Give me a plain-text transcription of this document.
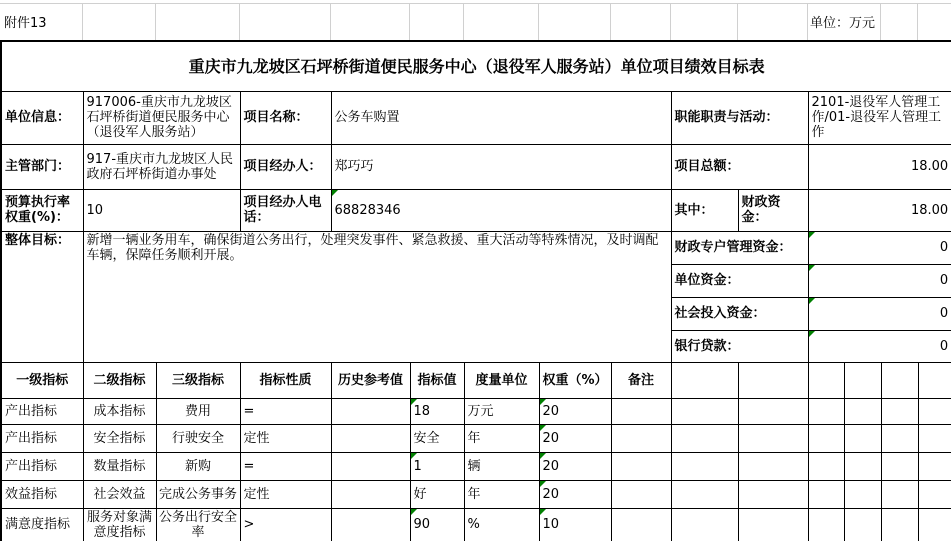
附件13	单位：万元
重庆市九龙坡区石坪桥街道便民服务中心（退役军人服务站）单位项目绩效目标表														
单位信息：	917006-重庆市九龙坡区石坪桥街道便民服务中心（退役军人服务站）		项目名称：	公务车购置					职能职责与活动：		2101-退役军人管理工作/01-退役军人管理工作			
主管部门：	917-重庆市九龙坡区人民政府石坪桥街道办事处		项目经办人：	郑巧巧					项目总额：		18.00			
预算执行率权重(%)：	10		项目经办人电话：	68828346					其中：	财政资金：	18.00			
整体目标：	新增一辆业务用车，确保街道公务出行，处理突发事件、紧急救援、重大活动等特殊情况，及时调配车辆，保障任务顺利开展。								财政专户管理资金：		0			
									单位资金：		0			
									社会投入资金：		0			
									银行贷款：		0			
一级指标	二级指标	三级指标	指标性质	历史参考值	指标值	度量单位	权重（%）	备注						
产出指标	成本指标	费用	=		18	万元	20							
产出指标	安全指标	行驶安全	定性		安全	年	20							
产出指标	数量指标	新购	=		1	辆	20							
效益指标	社会效益	完成公务事务	定性		好	年	20							
满意度指标	服务对象满意度指标	公务出行安全率	>		90	%	10							
